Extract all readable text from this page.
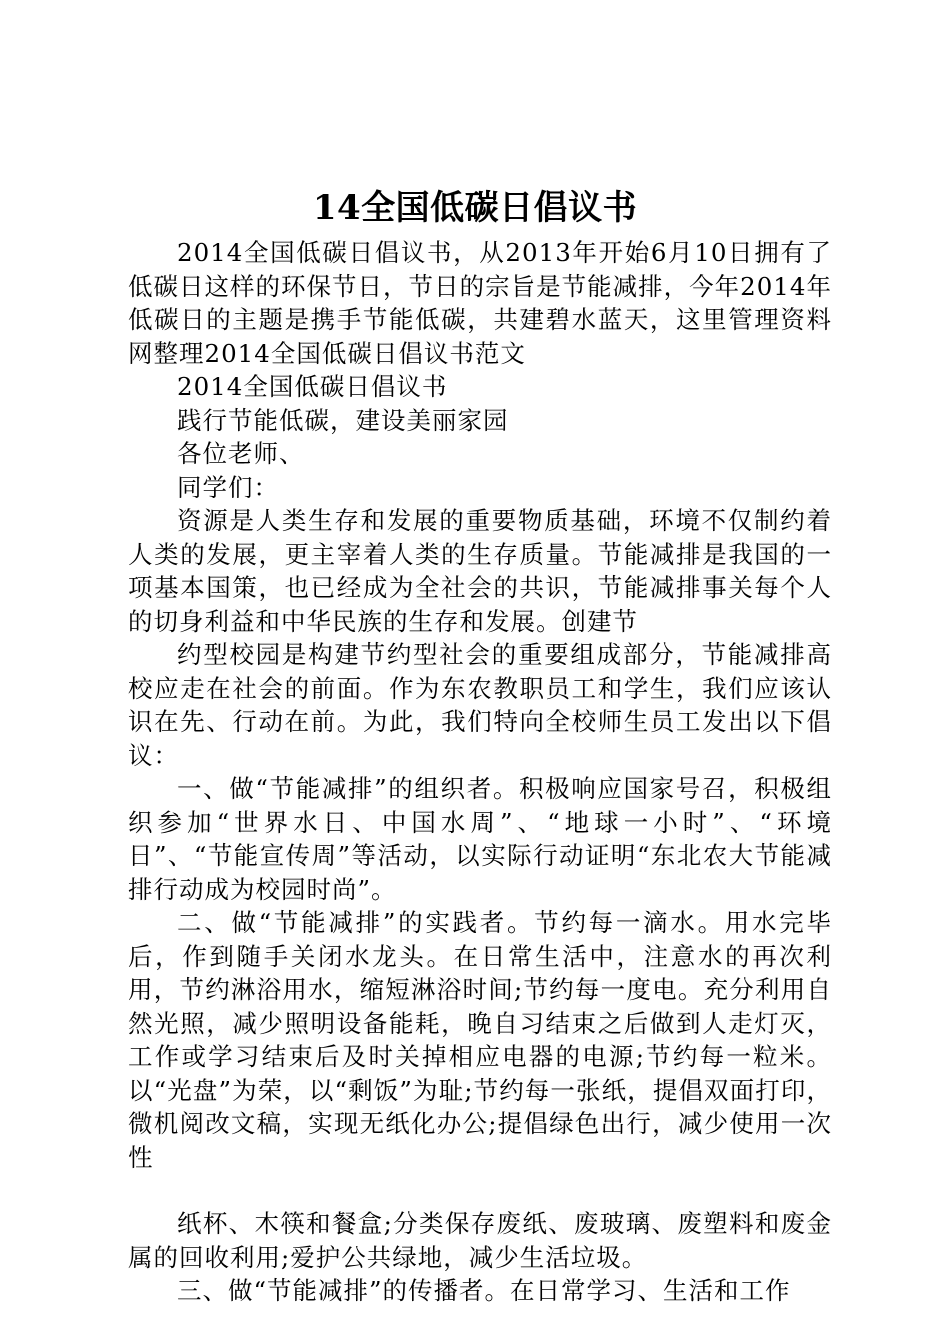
14全国低碳日倡议书

2014全国低碳日倡议书，从2013年开始6月10日拥有了低碳日这样的环保节日，节日的宗旨是节能减排，今年2014年低碳日的主题是携手节能低碳，共建碧水蓝天，这里管理资料网整理2014全国低碳日倡议书范文

2014全国低碳日倡议书

践行节能低碳，建设美丽家园

各位老师、

同学们：

资源是人类生存和发展的重要物质基础，环境不仅制约着人类的发展，更主宰着人类的生存质量。节能减排是我国的一项基本国策，也已经成为全社会的共识，节能减排事关每个人的切身利益和中华民族的生存和发展。创建节

约型校园是构建节约型社会的重要组成部分，节能减排高校应走在社会的前面。作为东农教职员工和学生，我们应该认识在先、行动在前。为此，我们特向全校师生员工发出以下倡议：

一、做“节能减排”的组织者。积极响应国家号召，积极组织参加“世界水日、中国水周”、“地球一小时”、“环境日”、“节能宣传周”等活动，以实际行动证明“东北农大节能减排行动成为校园时尚”。

二、做“节能减排”的实践者。节约每一滴水。用水完毕后，作到随手关闭水龙头。在日常生活中，注意水的再次利用，节约淋浴用水，缩短淋浴时间;节约每一度电。充分利用自然光照，减少照明设备能耗，晚自习结束之后做到人走灯灭，工作或学习结束后及时关掉相应电器的电源;节约每一粒米。以“光盘”为荣，以“剩饭”为耻;节约每一张纸，提倡双面打印，微机阅改文稿，实现无纸化办公;提倡绿色出行，减少使用一次性

纸杯、木筷和餐盒;分类保存废纸、废玻璃、废塑料和废金属的回收利用;爱护公共绿地，减少生活垃圾。

三、做“节能减排”的传播者。在日常学习、生活和工作
